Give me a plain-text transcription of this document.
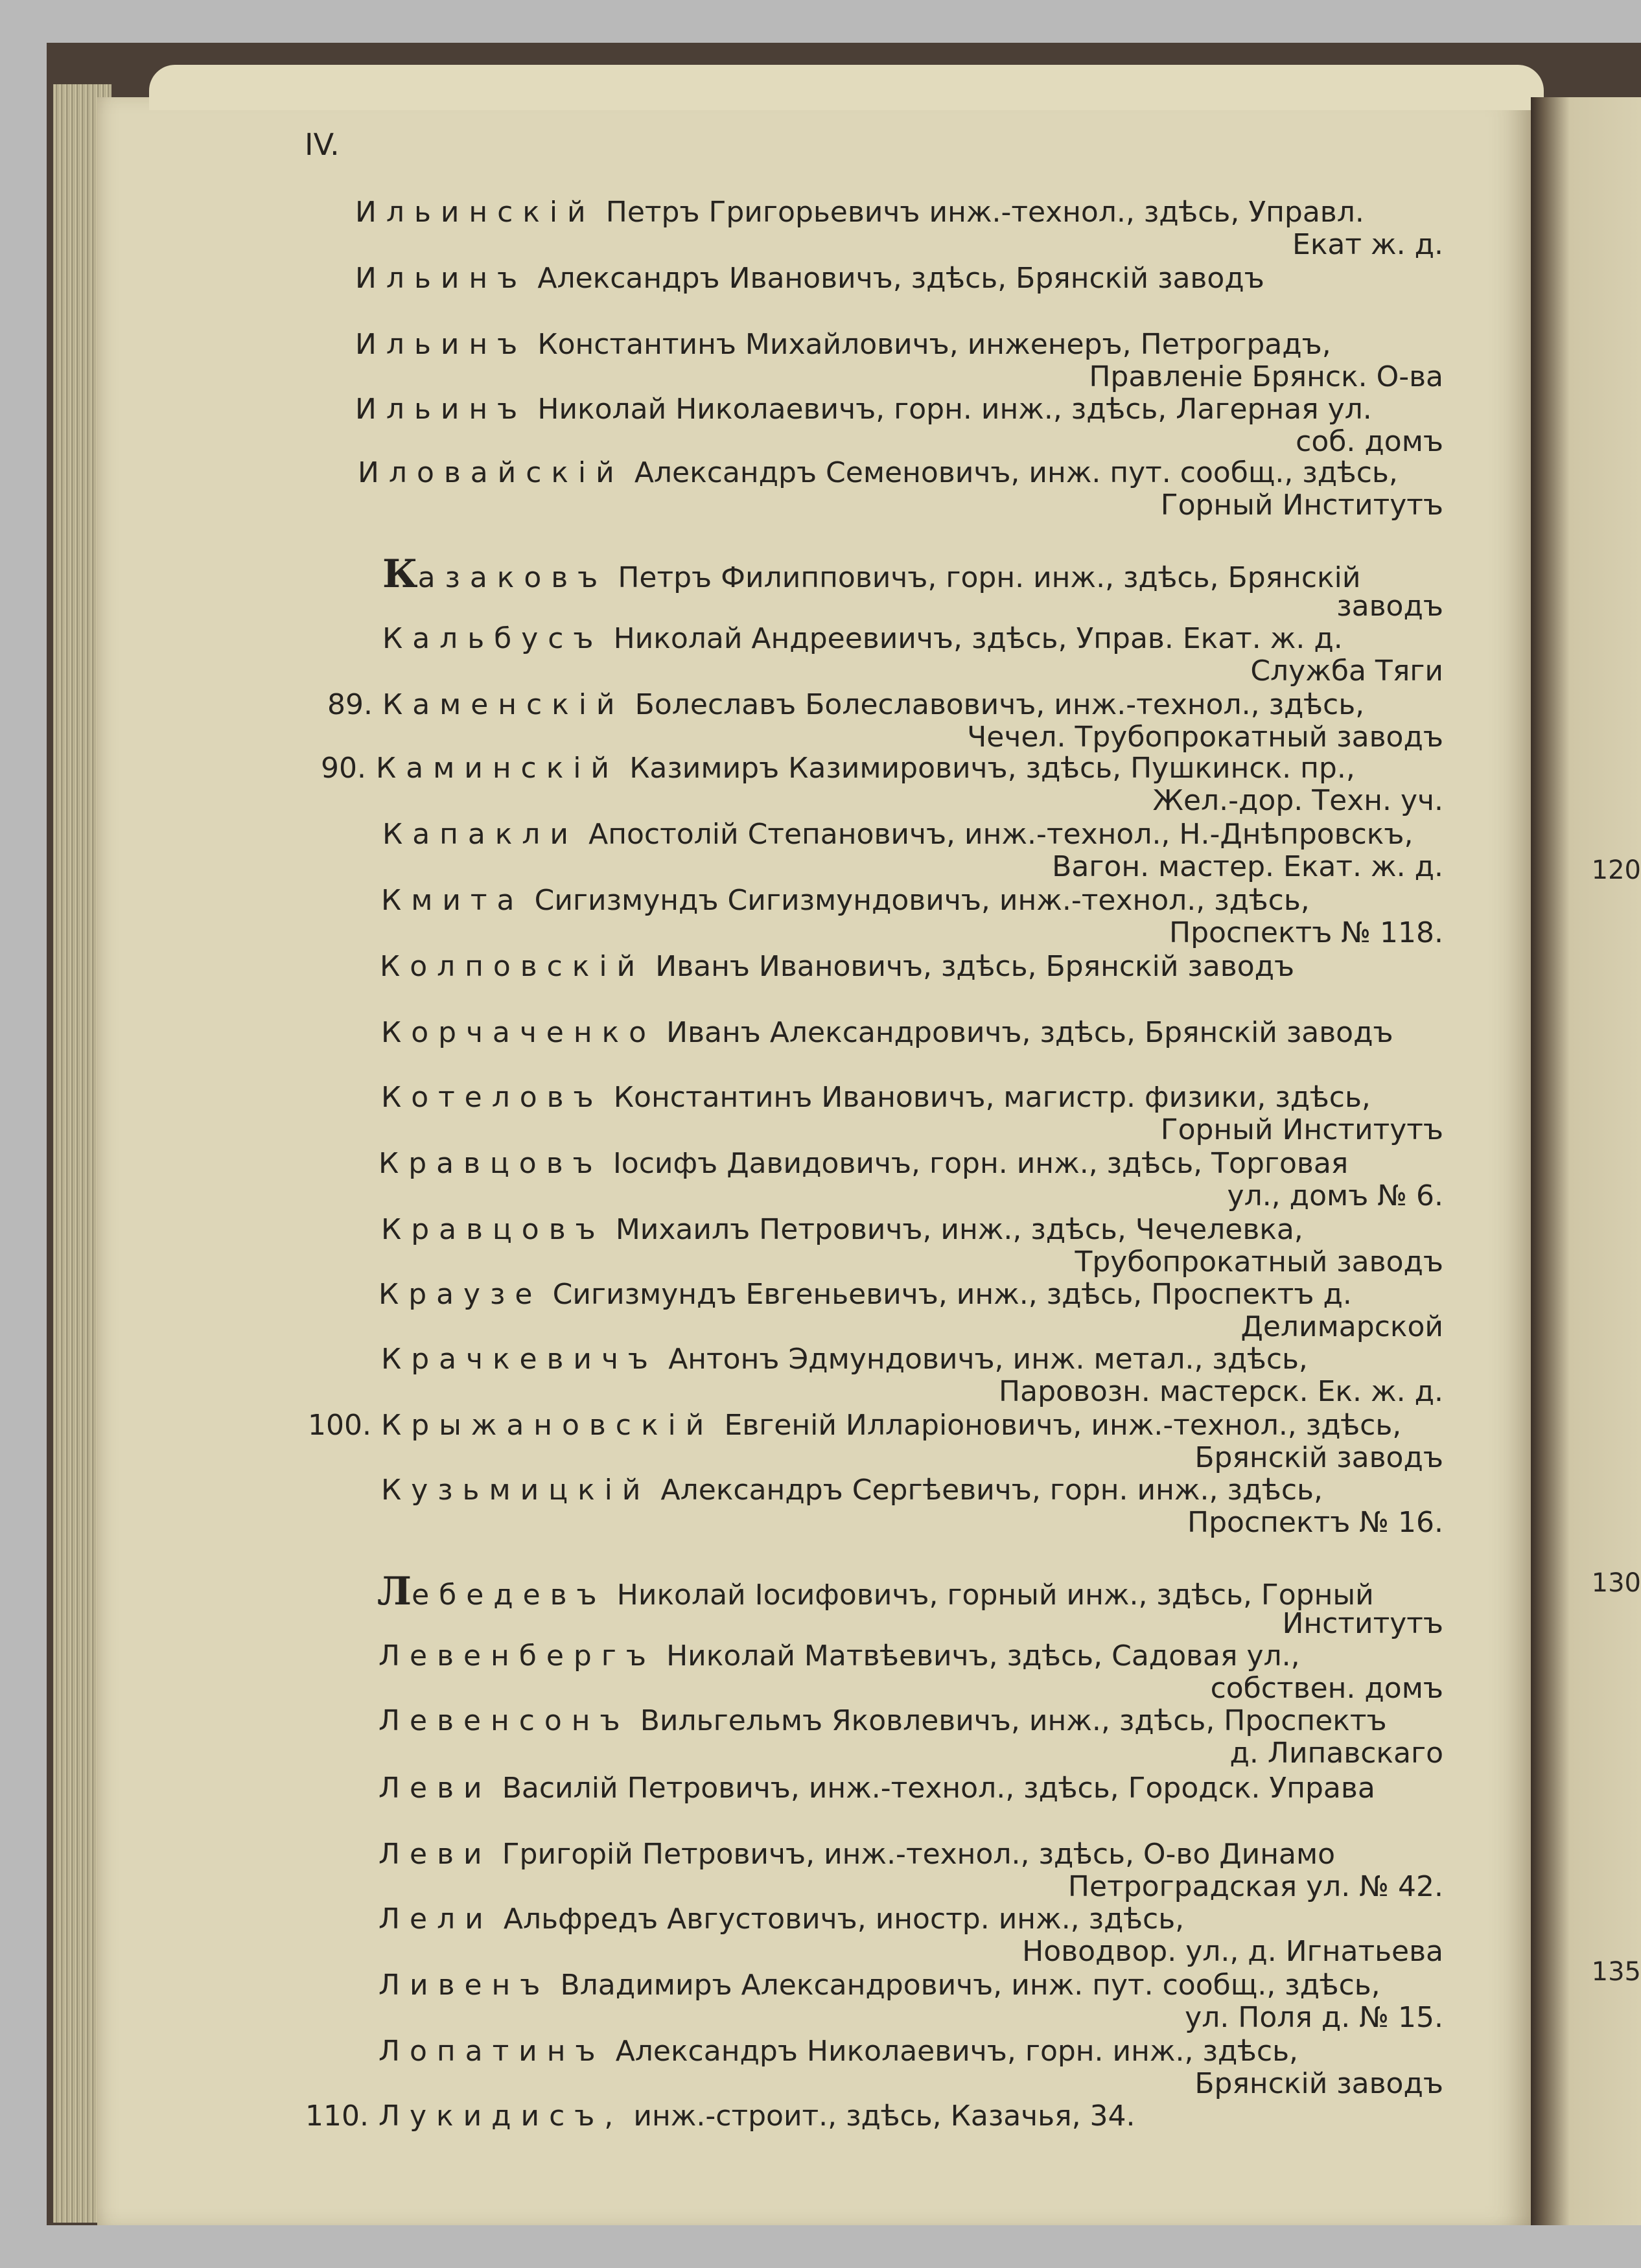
120
130
135
IV.
Ильинскій Петръ Григорьевичъ инж.-технол., здѣсь, Управл.
Екат ж. д.
Ильинъ Александръ Ивановичъ, здѣсь, Брянскій заводъ
Ильинъ Константинъ Михайловичъ, инженеръ, Петроградъ,
Правленіе Брянск. О-ва
Ильинъ Николай Николаевичъ, горн. инж., здѣсь, Лагерная ул.
соб. домъ
Иловайскій Александръ Семеновичъ, инж. пут. сообщ., здѣсь,
Горный Институтъ
Казаковъ Петръ Филипповичъ, горн. инж., здѣсь, Брянскій
заводъ
Кальбусъ Николай Андреевиичъ, здѣсь, Управ. Екат. ж. д.
Служба Тяги
89. Каменскій Болеславъ Болеславовичъ, инж.-технол., здѣсь,
Чечел. Трубопрокатный заводъ
90. Каминскій Казимиръ Казимировичъ, здѣсь, Пушкинск. пр.,
Жел.-дор. Техн. уч.
Капакли Апостолій Степановичъ, инж.-технол., Н.-Днѣпровскъ,
Вагон. мастер. Екат. ж. д.
Кмита Сигизмундъ Сигизмундовичъ, инж.-технол., здѣсь,
Проспектъ № 118.
Колповскій Иванъ Ивановичъ, здѣсь, Брянскій заводъ
Корчаченко Иванъ Александровичъ, здѣсь, Брянскій заводъ
Котеловъ Константинъ Ивановичъ, магистр. физики, здѣсь,
Горный Институтъ
Кравцовъ Іосифъ Давидовичъ, горн. инж., здѣсь, Торговая
ул., домъ № 6.
Кравцовъ Михаилъ Петровичъ, инж., здѣсь, Чечелевка,
Трубопрокатный заводъ
Краузе Сигизмундъ Евгеньевичъ, инж., здѣсь, Проспектъ д.
Делимарской
Крачкевичъ Антонъ Эдмундовичъ, инж. метал., здѣсь,
Паровозн. мастерск. Ек. ж. д.
100. Крыжановскій Евгеній Илларіоновичъ, инж.-технол., здѣсь,
Брянскій заводъ
Кузьмицкій Александръ Сергѣевичъ, горн. инж., здѣсь,
Проспектъ № 16.
Лебедевъ Николай Іосифовичъ, горный инж., здѣсь, Горный
Институтъ
Левенбергъ Николай Матвѣевичъ, здѣсь, Садовая ул.,
собствен. домъ
Левенсонъ Вильгельмъ Яковлевичъ, инж., здѣсь, Проспектъ
д. Липавскаго
Леви Василій Петровичъ, инж.-технол., здѣсь, Городск. Управа
Леви Григорій Петровичъ, инж.-технол., здѣсь, О-во Динамо
Петроградская ул. № 42.
Лели Альфредъ Августовичъ, иностр. инж., здѣсь,
Новодвор. ул., д. Игнатьева
Ливенъ Владимиръ Александровичъ, инж. пут. сообщ., здѣсь,
ул. Поля д. № 15.
Лопатинъ Александръ Николаевичъ, горн. инж., здѣсь,
Брянскій заводъ
110. Лукидисъ, инж.-строит., здѣсь, Казачья, 34.
